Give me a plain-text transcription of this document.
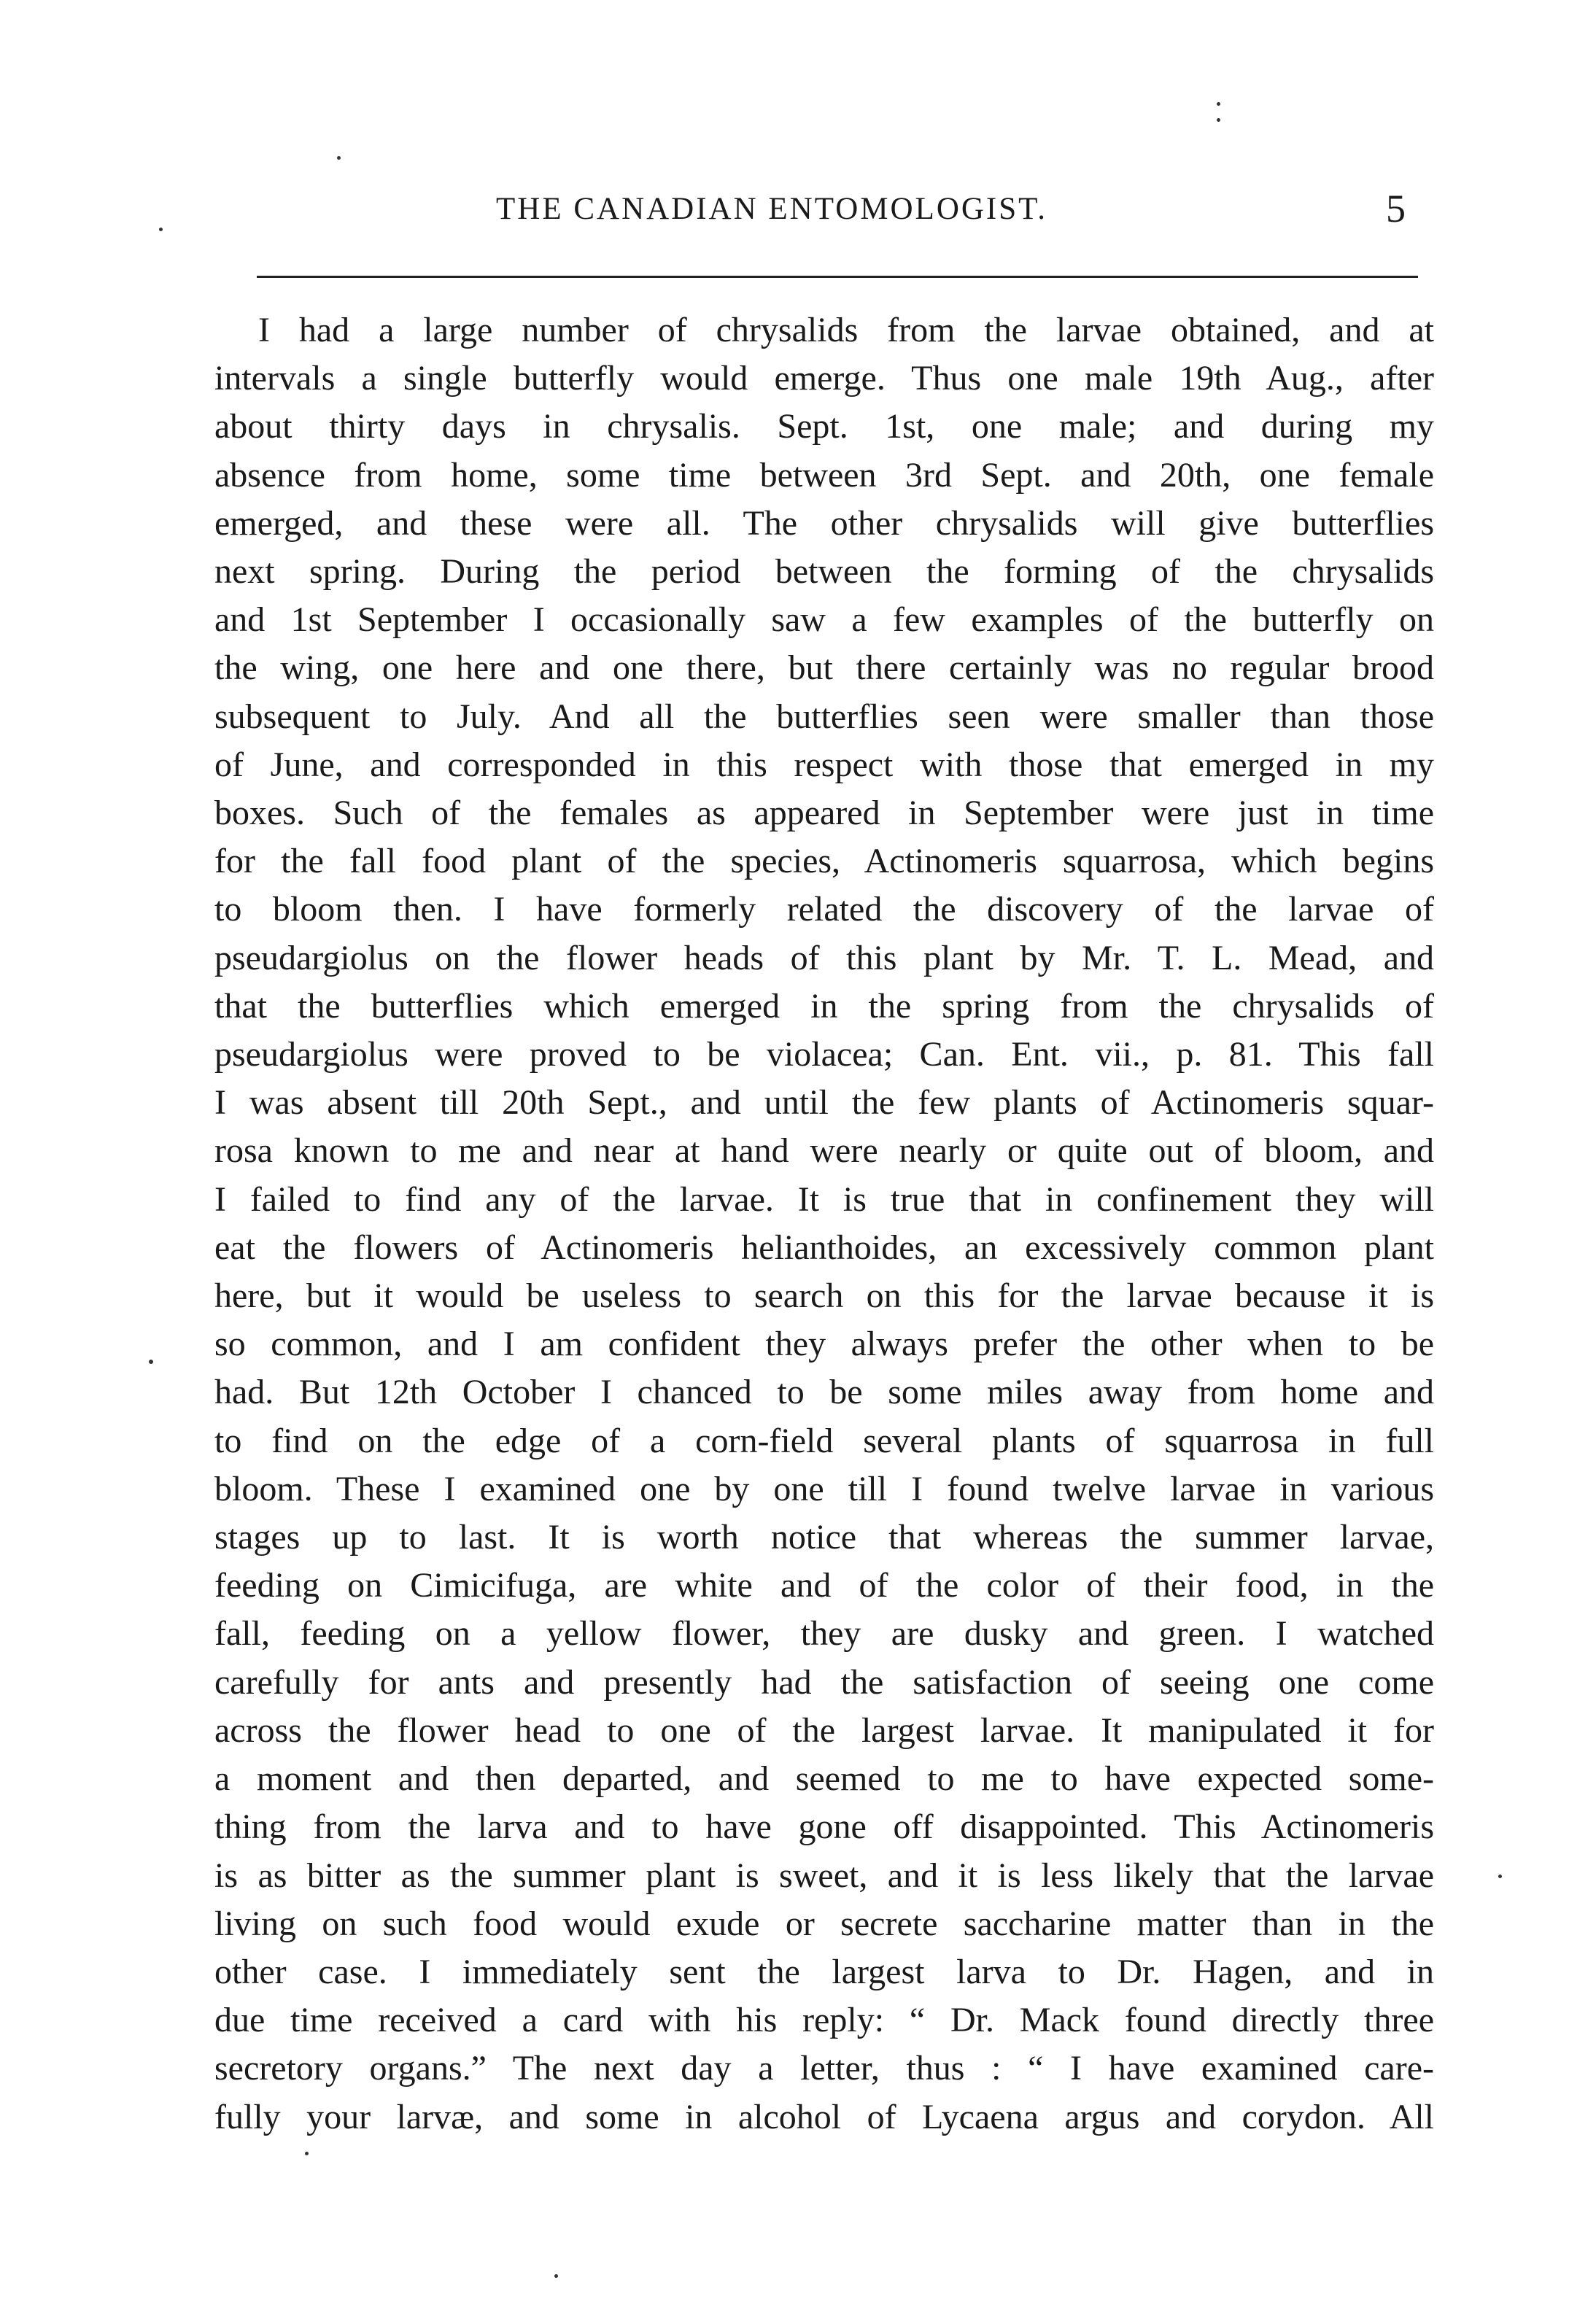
THE CANADIAN ENTOMOLOGIST.	5
I had a large number of chrysalids from the larvae obtained, and at
intervals a single butterfly would emerge. Thus one male 19th Aug., after
about thirty days in chrysalis. Sept. 1st, one male; and during my
absence from home, some time between 3rd Sept. and 20th, one female
emerged, and these were all. The other chrysalids will give butterflies
next spring. During the period between the forming of the chrysalids
and 1st September I occasionally saw a few examples of the butterfly on
the wing, one here and one there, but there certainly was no regular brood
subsequent to July. And all the butterflies seen were smaller than those
of June, and corresponded in this respect with those that emerged in my
boxes. Such of the females as appeared in September were just in time
for the fall food plant of the species, Actinomeris squarrosa, which begins
to bloom then. I have formerly related the discovery of the larvae of
pseudargiolus on the flower heads of this plant by Mr. T. L. Mead, and
that the butterflies which emerged in the spring from the chrysalids of
pseudargiolus were proved to be violacea; Can. Ent. vii., p. 81. This fall
I was absent till 20th Sept., and until the few plants of Actinomeris squar-
rosa known to me and near at hand were nearly or quite out of bloom, and
I failed to find any of the larvae. It is true that in confinement they will
eat the flowers of Actinomeris helianthoides, an excessively common plant
here, but it would be useless to search on this for the larvae because it is
so common, and I am confident they always prefer the other when to be
had. But 12th October I chanced to be some miles away from home and
to find on the edge of a corn-field several plants of squarrosa in full
bloom. These I examined one by one till I found twelve larvae in various
stages up to last. It is worth notice that whereas the summer larvae,
feeding on Cimicifuga, are white and of the color of their food, in the
fall, feeding on a yellow flower, they are dusky and green. I watched
carefully for ants and presently had the satisfaction of seeing one come
across the flower head to one of the largest larvae. It manipulated it for
a moment and then departed, and seemed to me to have expected some-
thing from the larva and to have gone off disappointed. This Actinomeris
is as bitter as the summer plant is sweet, and it is less likely that the larvae
living on such food would exude or secrete saccharine matter than in the
other case. I immediately sent the largest larva to Dr. Hagen, and in
due time received a card with his reply: “ Dr. Mack found directly three
secretory organs.” The next day a letter, thus : “ I have examined care-
fully your larvæ, and some in alcohol of Lycaena argus and corydon. All
